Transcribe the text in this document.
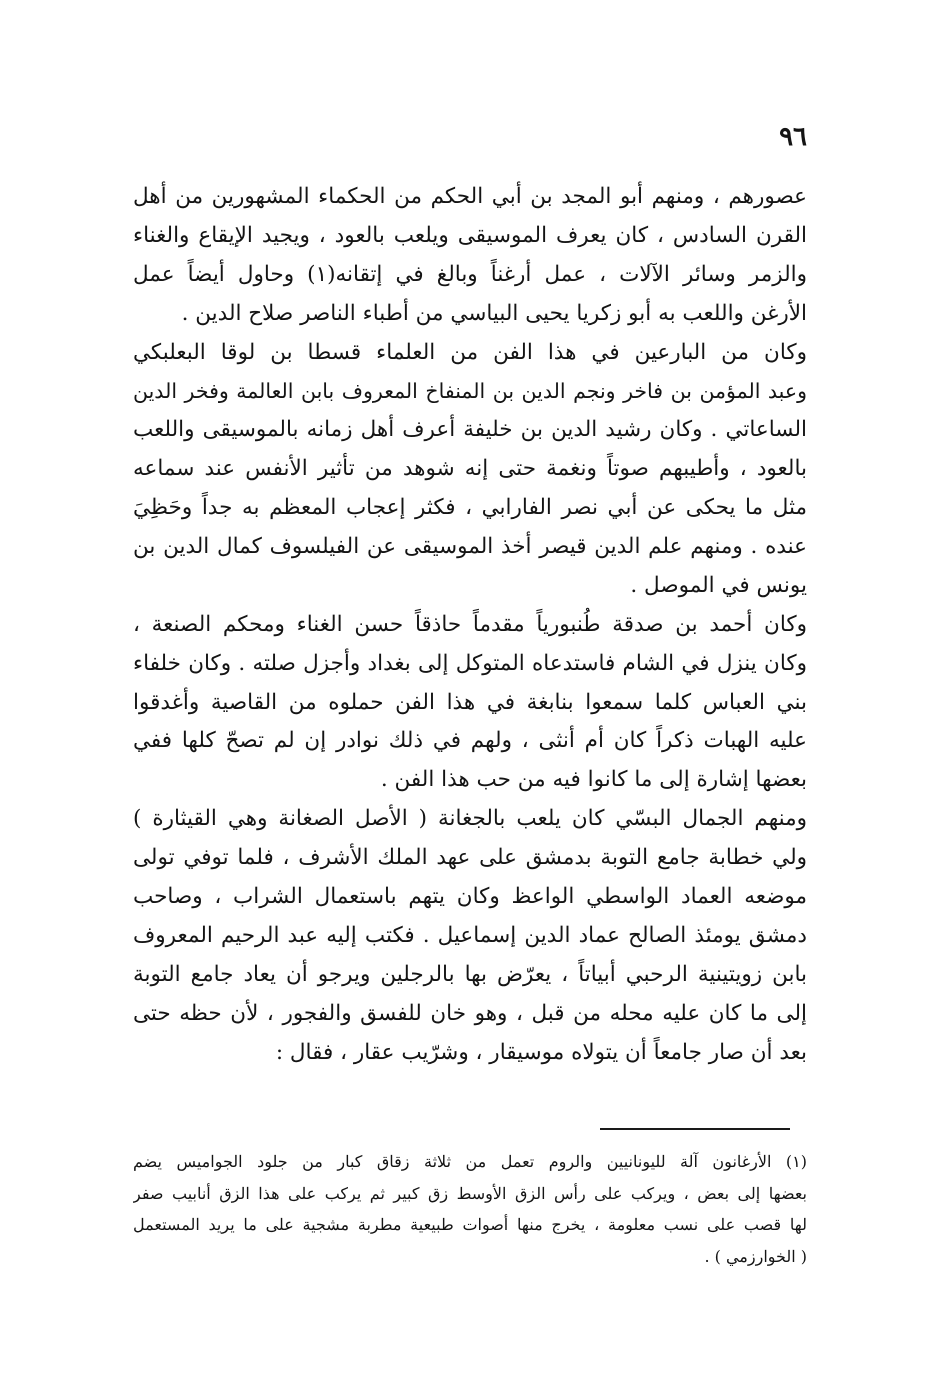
٩٦
عصورهم ، ومنهم أبو المجد بن أبي الحكم من الحكماء المشهورين من أهل
القرن السادس ، كان يعرف الموسيقى ويلعب بالعود ، ويجيد الإيقاع والغناء
والزمر وسائر الآلات ، عمل أرغناً وبالغ في إتقانه(١) وحاول أيضاً عمل
الأرغن واللعب به أبو زكريا يحيى البياسي من أطباء الناصر صلاح الدين .
وكان من البارعين في هذا الفن من العلماء قسطا بن لوقا البعلبكي
وعبد المؤمن بن فاخر ونجم الدين بن المنفاخ المعروف بابن العالمة وفخر الدين
الساعاتي . وكان رشيد الدين بن خليفة أعرف أهل زمانه بالموسيقى واللعب
بالعود ، وأطيبهم صوتاً ونغمة حتى إنه شوهد من تأثير الأنفس عند سماعه
مثل ما يحكى عن أبي نصر الفارابي ، فكثر إعجاب المعظم به جداً وحَظِيَ
عنده . ومنهم علم الدين قيصر أخذ الموسيقى عن الفيلسوف كمال الدين بن
يونس في الموصل .
وكان أحمد بن صدقة طُنبورياً مقدماً حاذقاً حسن الغناء ومحكم الصنعة ،
وكان ينزل في الشام فاستدعاه المتوكل إلى بغداد وأجزل صلته . وكان خلفاء
بني العباس كلما سمعوا بنابغة في هذا الفن حملوه من القاصية وأغدقوا
عليه الهبات ذكراً كان أم أنثى ، ولهم في ذلك نوادر إن لم تصحّ كلها ففي
بعضها إشارة إلى ما كانوا فيه من حب هذا الفن .
ومنهم الجمال البسّي كان يلعب بالجغانة ( الأصل الصغانة وهي القيثارة )
ولي خطابة جامع التوبة بدمشق على عهد الملك الأشرف ، فلما توفي تولى
موضعه العماد الواسطي الواعظ وكان يتهم باستعمال الشراب ، وصاحب
دمشق يومئذ الصالح عماد الدين إسماعيل . فكتب إليه عبد الرحيم المعروف
بابن زويتينية الرحبي أبياتاً ، يعرّض بها بالرجلين ويرجو أن يعاد جامع التوبة
إلى ما كان عليه محله من قبل ، وهو خان للفسق والفجور ، لأن حظه حتى
بعد أن صار جامعاً أن يتولاه موسيقار ، وشرّيب عقار ، فقال :
(١) الأرغانون آلة لليونانيين والروم تعمل من ثلاثة زقاق كبار من جلود الجواميس يضم
بعضها إلى بعض ، ويركب على رأس الزق الأوسط زق كبير ثم يركب على هذا الزق أنابيب صفر
لها قصب على نسب معلومة ، يخرج منها أصوات طبيعية مطربة مشجية على ما يريد المستعمل
( الخوارزمي ) .
